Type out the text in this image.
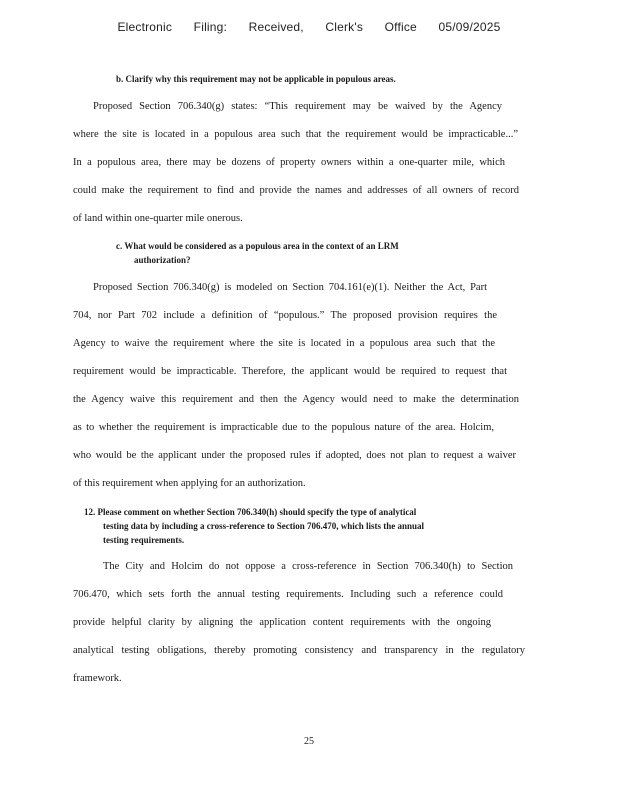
Electronic Filing: Received, Clerk's Office 05/09/2025
b. Clarify why this requirement may not be applicable in populous areas.
Proposed Section 706.340(g) states: “This requirement may be waived by the Agency
where the site is located in a populous area such that the requirement would be impracticable...”
In a populous area, there may be dozens of property owners within a one-quarter mile, which
could make the requirement to find and provide the names and addresses of all owners of record
of land within one-quarter mile onerous.
c. What would be considered as a populous area in the context of an LRM
authorization?
Proposed Section 706.340(g) is modeled on Section 704.161(e)(1). Neither the Act, Part
704, nor Part 702 include a definition of “populous.” The proposed provision requires the
Agency to waive the requirement where the site is located in a populous area such that the
requirement would be impracticable. Therefore, the applicant would be required to request that
the Agency waive this requirement and then the Agency would need to make the determination
as to whether the requirement is impracticable due to the populous nature of the area. Holcim,
who would be the applicant under the proposed rules if adopted, does not plan to request a waiver
of this requirement when applying for an authorization.
12. Please comment on whether Section 706.340(h) should specify the type of analytical
testing data by including a cross-reference to Section 706.470, which lists the annual
testing requirements.
The City and Holcim do not oppose a cross-reference in Section 706.340(h) to Section
706.470, which sets forth the annual testing requirements. Including such a reference could
provide helpful clarity by aligning the application content requirements with the ongoing
analytical testing obligations, thereby promoting consistency and transparency in the regulatory
framework.
25
